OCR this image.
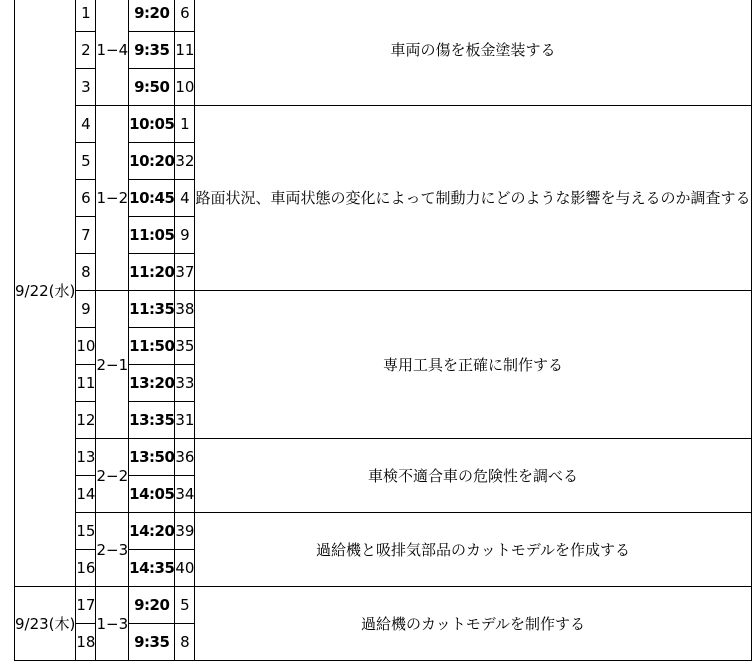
9/22(水)	1	1−4	9:20	6	車両の傷を板金塗装する
	2		9:35	11	
	3		9:50	10	
	4	1−2	10:05	1	路面状況、車両状態の変化によって制動力にどのような影響を与えるのか調査する
	5		10:20	32	
	6		10:45	4	
	7		11:05	9	
	8		11:20	37	
	9	2−1	11:35	38	専用工具を正確に制作する
	10		11:50	35	
	11		13:20	33	
	12		13:35	31	
	13	2−2	13:50	36	車検不適合車の危険性を調べる
	14		14:05	34	
	15	2−3	14:20	39	過給機と吸排気部品のカットモデルを作成する
	16		14:35	40	
9/23(木)	17	1−3	9:20	5	過給機のカットモデルを制作する
	18		9:35	8	
